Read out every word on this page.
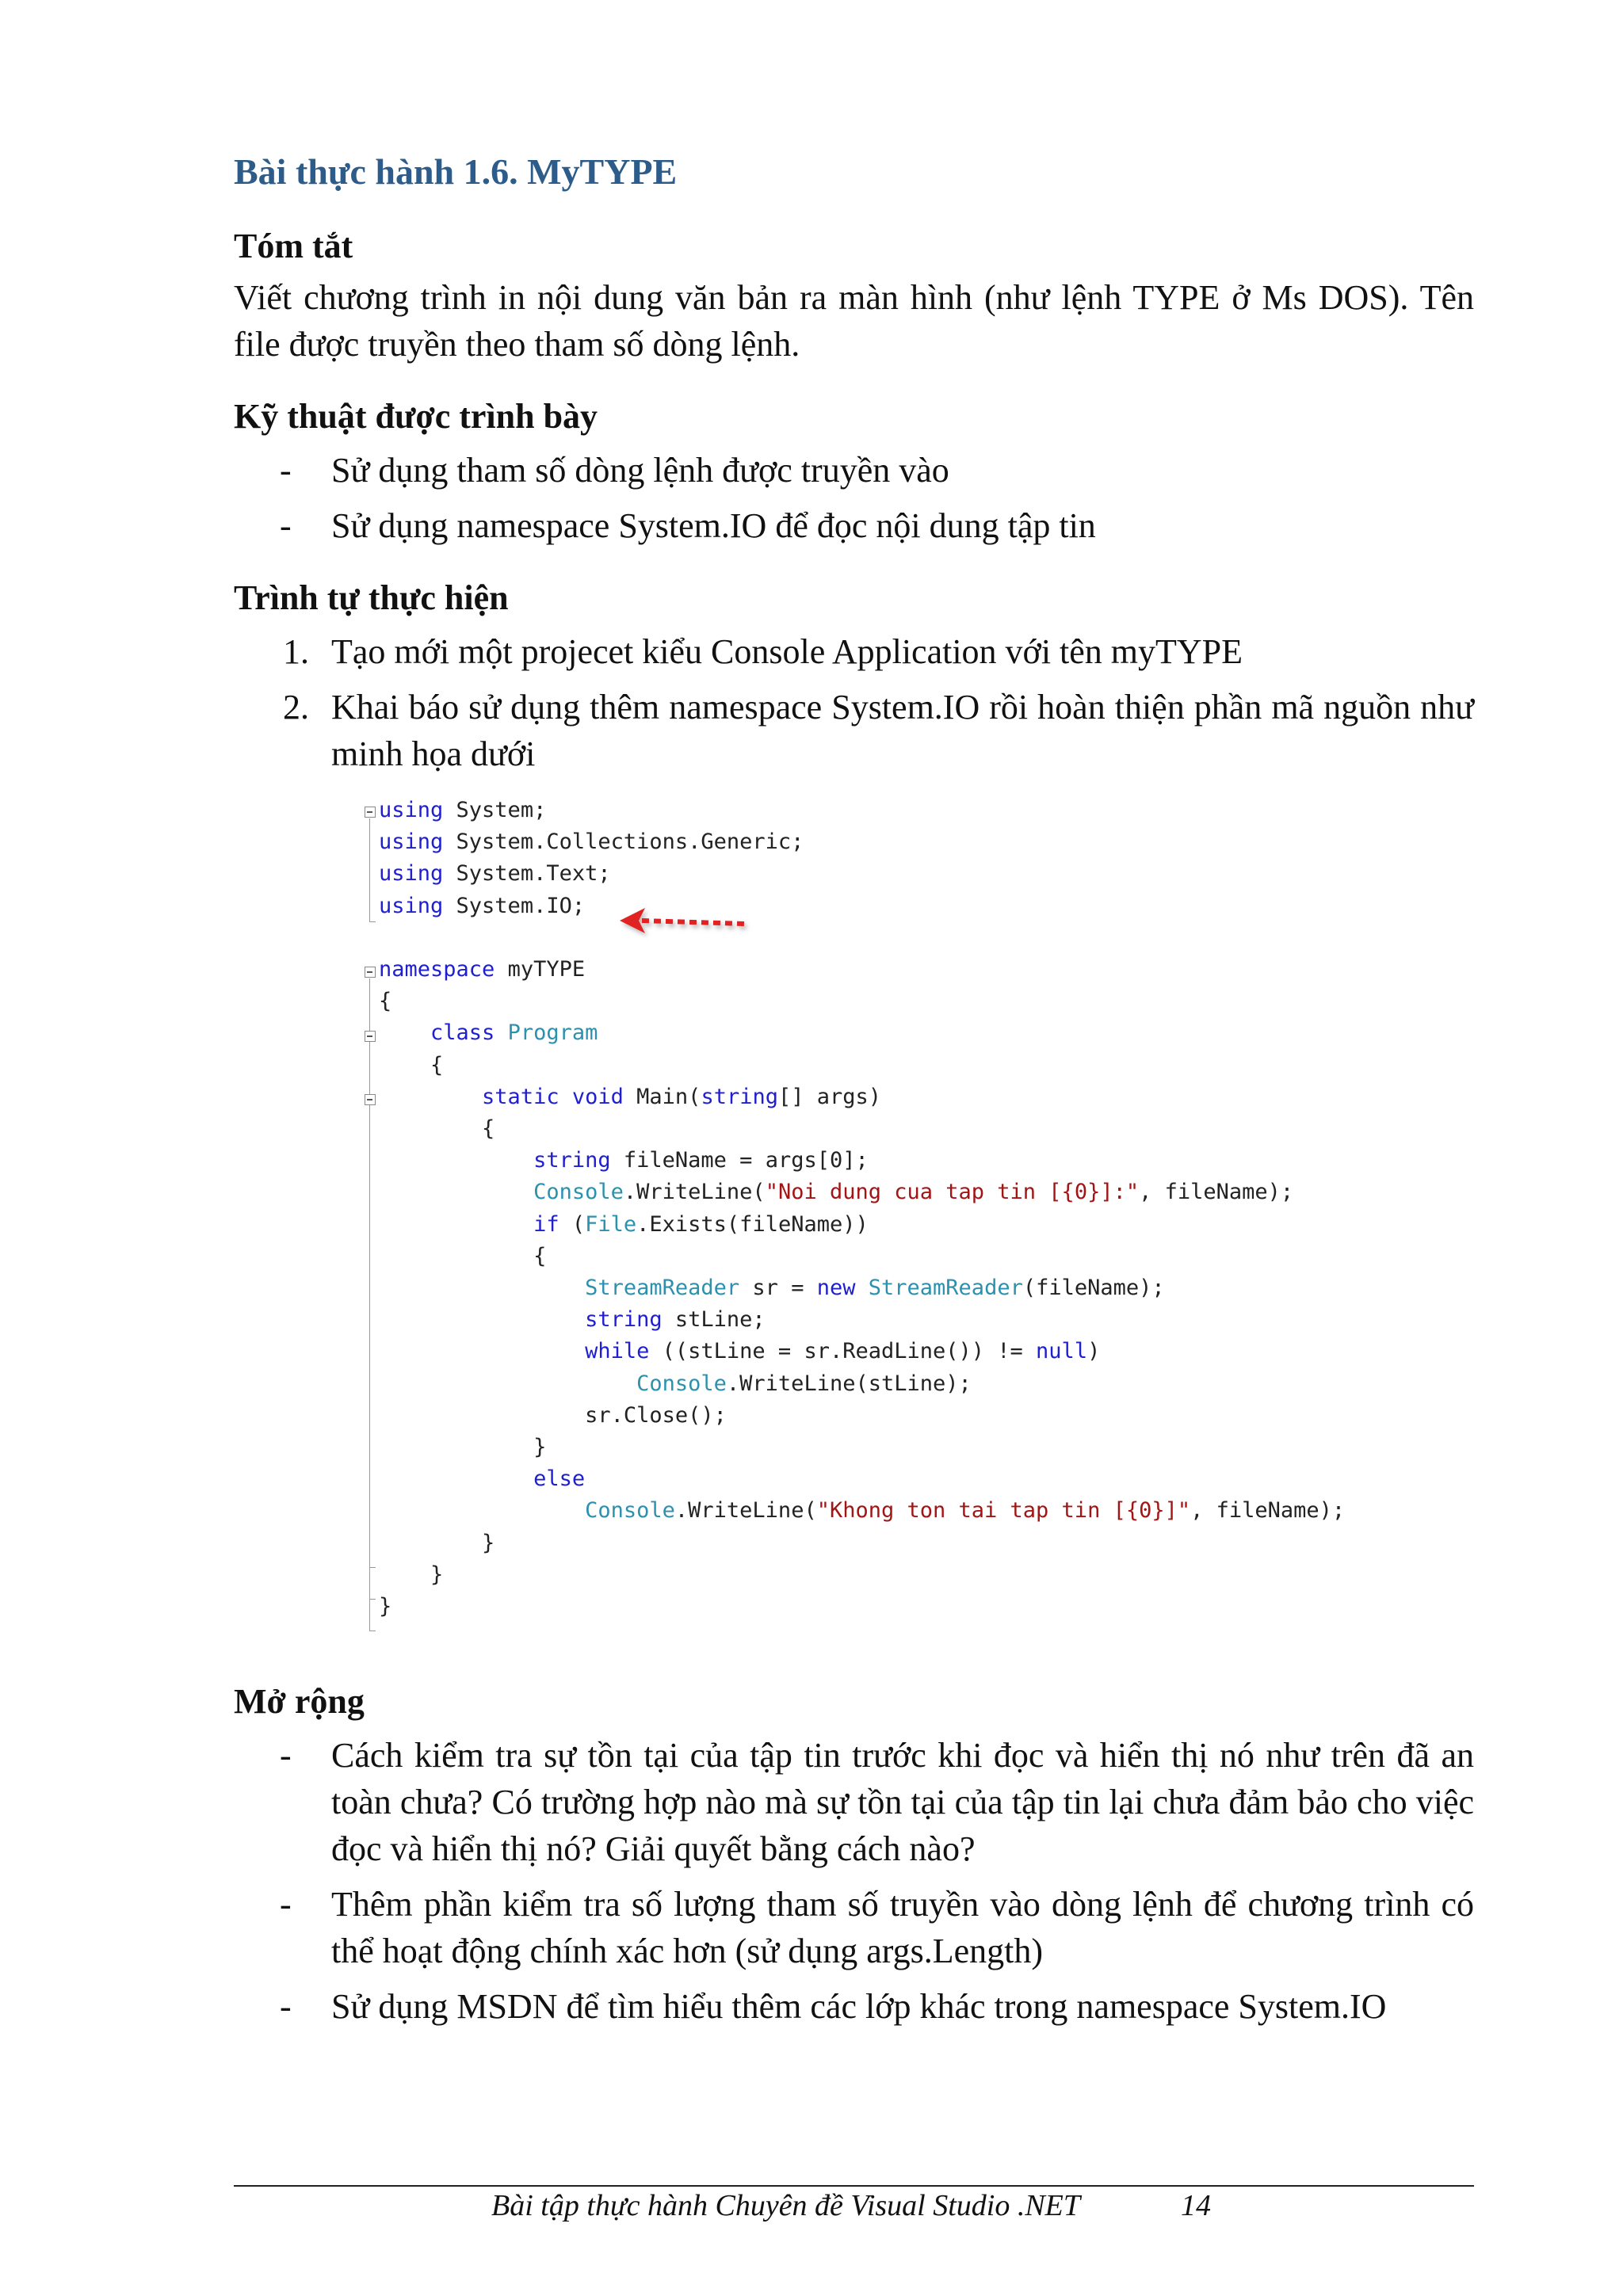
Bài thực hành 1.6. MyTYPE
Tóm tắt
Viết chương trình in nội dung văn bản ra màn hình (như lệnh TYPE ở Ms DOS). Tên file được truyền theo tham số dòng lệnh.
Kỹ thuật được trình bày
- Sử dụng tham số dòng lệnh được truyền vào
- Sử dụng namespace System.IO để đọc nội dung tập tin
Trình tự thực hiện
1. Tạo mới một projecet kiểu Console Application với tên myTYPE
2. Khai báo sử dụng thêm namespace System.IO rồi hoàn thiện phần mã nguồn như minh họa dưới
using System;
using System.Collections.Generic;
using System.Text;
using System.IO;
namespace myTYPE
{
class Program
{
static void Main(string[] args)
{
string fileName = args[0];
Console.WriteLine("Noi dung cua tap tin [{0}]:", fileName);
if (File.Exists(fileName))
{
StreamReader sr = new StreamReader(fileName);
string stLine;
while ((stLine = sr.ReadLine()) != null)
Console.WriteLine(stLine);
sr.Close();
}
else
Console.WriteLine("Khong ton tai tap tin [{0}]", fileName);
}
}
}
Mở rộng
- Cách kiểm tra sự tồn tại của tập tin trước khi đọc và hiển thị nó như trên đã an toàn chưa? Có trường hợp nào mà sự tồn tại của tập tin lại chưa đảm bảo cho việc đọc và hiển thị nó? Giải quyết bằng cách nào?
- Thêm phần kiểm tra số lượng tham số truyền vào dòng lệnh để chương trình có thể hoạt động chính xác hơn (sử dụng args.Length)
- Sử dụng MSDN để tìm hiểu thêm các lớp khác trong namespace System.IO
Bài tập thực hành Chuyên đề Visual Studio .NET	14
